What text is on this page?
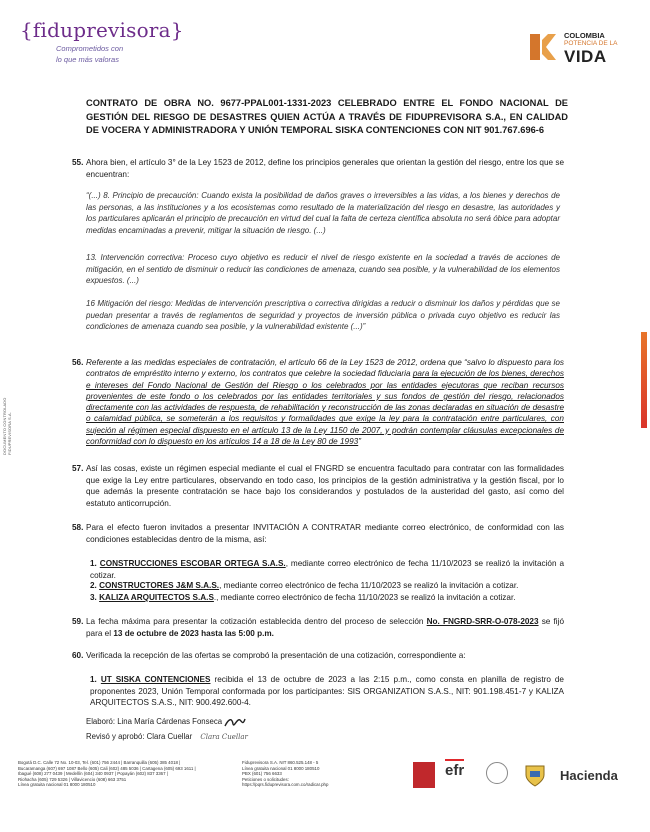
{fiduprevisora}
Comprometidos con
lo que más valoras
COLOMBIA
POTENCIA DE LA
VIDA
DOCUMENTO CONTROLADO FIDUPREVISORA S.A.
CONTRATO DE OBRA NO. 9677-PPAL001-1331-2023 CELEBRADO ENTRE EL FONDO NACIONAL DE GESTIÓN DEL RIESGO DE DESASTRES QUIEN ACTÚA A TRAVÉS DE FIDUPREVISORA S.A., EN CALIDAD DE VOCERA Y ADMINISTRADORA Y UNIÓN TEMPORAL SISKA CONTENCIONES CON NIT 901.767.696-6
55. Ahora bien, el artículo 3° de la Ley 1523 de 2012, define los principios generales que orientan la gestión del riesgo, entre los que se encuentran:
“(...) 8. Principio de precaución: Cuando exista la posibilidad de daños graves o irreversibles a las vidas, a los bienes y derechos de las personas, a las instituciones y a los ecosistemas como resultado de la materialización del riesgo en desastre, las autoridades y los particulares aplicarán el principio de precaución en virtud del cual la falta de certeza científica absoluta no será óbice para adoptar medidas encaminadas a prevenir, mitigar la situación de riesgo. (...)
13. Intervención correctiva: Proceso cuyo objetivo es reducir el nivel de riesgo existente en la sociedad a través de acciones de mitigación, en el sentido de disminuir o reducir las condiciones de amenaza, cuando sea posible, y la vulnerabilidad de los elementos expuestos. (...)
16 Mitigación del riesgo: Medidas de intervención prescriptiva o correctiva dirigidas a reducir o disminuir los daños y pérdidas que se puedan presentar a través de reglamentos de seguridad y proyectos de inversión pública o privada cuyo objetivo es reducir las condiciones de amenaza cuando sea posible, y la vulnerabilidad existente (...)”
56. Referente a las medidas especiales de contratación, el artículo 66 de la Ley 1523 de 2012, ordena que “salvo lo dispuesto para los contratos de empréstito interno y externo, los contratos que celebre la sociedad fiduciaria para la ejecución de los bienes, derechos e intereses del Fondo Nacional de Gestión del Riesgo o los celebrados por las entidades ejecutoras que reciban recursos provenientes de este fondo o los celebrados por las entidades territoriales y sus fondos de gestión del riesgo, relacionados directamente con las actividades de respuesta, de rehabilitación y reconstrucción de las zonas declaradas en situación de desastre o calamidad pública, se someterán a los requisitos y formalidades que exige la ley para la contratación entre particulares, con sujeción al régimen especial dispuesto en el artículo 13 de la Ley 1150 de 2007, y podrán contemplar cláusulas excepcionales de conformidad con lo dispuesto en los artículos 14 a 18 de la Ley 80 de 1993”
57. Así las cosas, existe un régimen especial mediante el cual el FNGRD se encuentra facultado para contratar con las formalidades que exige la Ley entre particulares, observando en todo caso, los principios de la gestión administrativa y la gestión fiscal, por lo que además la presente contratación se hace bajo los considerandos y postulados de la austeridad del gasto, así como del estatuto anticorrupción.
58. Para el efecto fueron invitados a presentar INVITACIÓN A CONTRATAR mediante correo electrónico, de conformidad con las condiciones establecidas dentro de la misma, así:
1. CONSTRUCCIONES ESCOBAR ORTEGA S.A.S., mediante correo electrónico de fecha 11/10/2023 se realizó la invitación a cotizar.
2. CONSTRUCTORES J&M S.A.S., mediante correo electrónico de fecha 11/10/2023 se realizó la invitación a cotizar.
3. KALIZA ARQUITECTOS S.A.S., mediante correo electrónico de fecha 11/10/2023 se realizó la invitación a cotizar.
59. La fecha máxima para presentar la cotización establecida dentro del proceso de selección No. FNGRD-SRR-O-078-2023 se fijó para el 13 de octubre de 2023 hasta las 5:00 p.m.
60. Verificada la recepción de las ofertas se comprobó la presentación de una cotización, correspondiente a:
1. UT SISKA CONTENCIONES recibida el 13 de octubre de 2023 a las 2:15 p.m., como consta en planilla de registro de proponentes 2023, Unión Temporal conformada por los participantes: SIS ORGANIZATION S.A.S., NIT: 901.198.451-7 y KALIZA ARQUITECTOS S.A.S., NIT: 900.492.600-4.
Elaboró: Lina María Cárdenas Fonseca
Revisó y aprobó: Clara Cuellar Clara Cuellar
Bogotá D.C. Calle 72 No. 10-03, Tel. (601) 756 2444 | Barranquilla (605) 385 4018 |
Bucaramanga (607) 697 1087 Bello (605) Cali (602) 485 5036 | Cartagena (605) 693 1611 |
Ibagué (608) 277 0439 | Medellín (604) 340 0937 | Popayán (602) 837 3367 |
Riohacha (605) 729 5326 | Villavicencio (608) 663 3751
Línea gratuita nacional 01 8000 180510
Fiduprevisora S.A. NIT 860.525.148 - 5
Línea gratuita nacional 01 8000 180510
PBX (601) 756 6633
Peticiones o solicitudes:
https://pqrs.fiduprevisora.com.co/radicar.php
efr	Hacienda
